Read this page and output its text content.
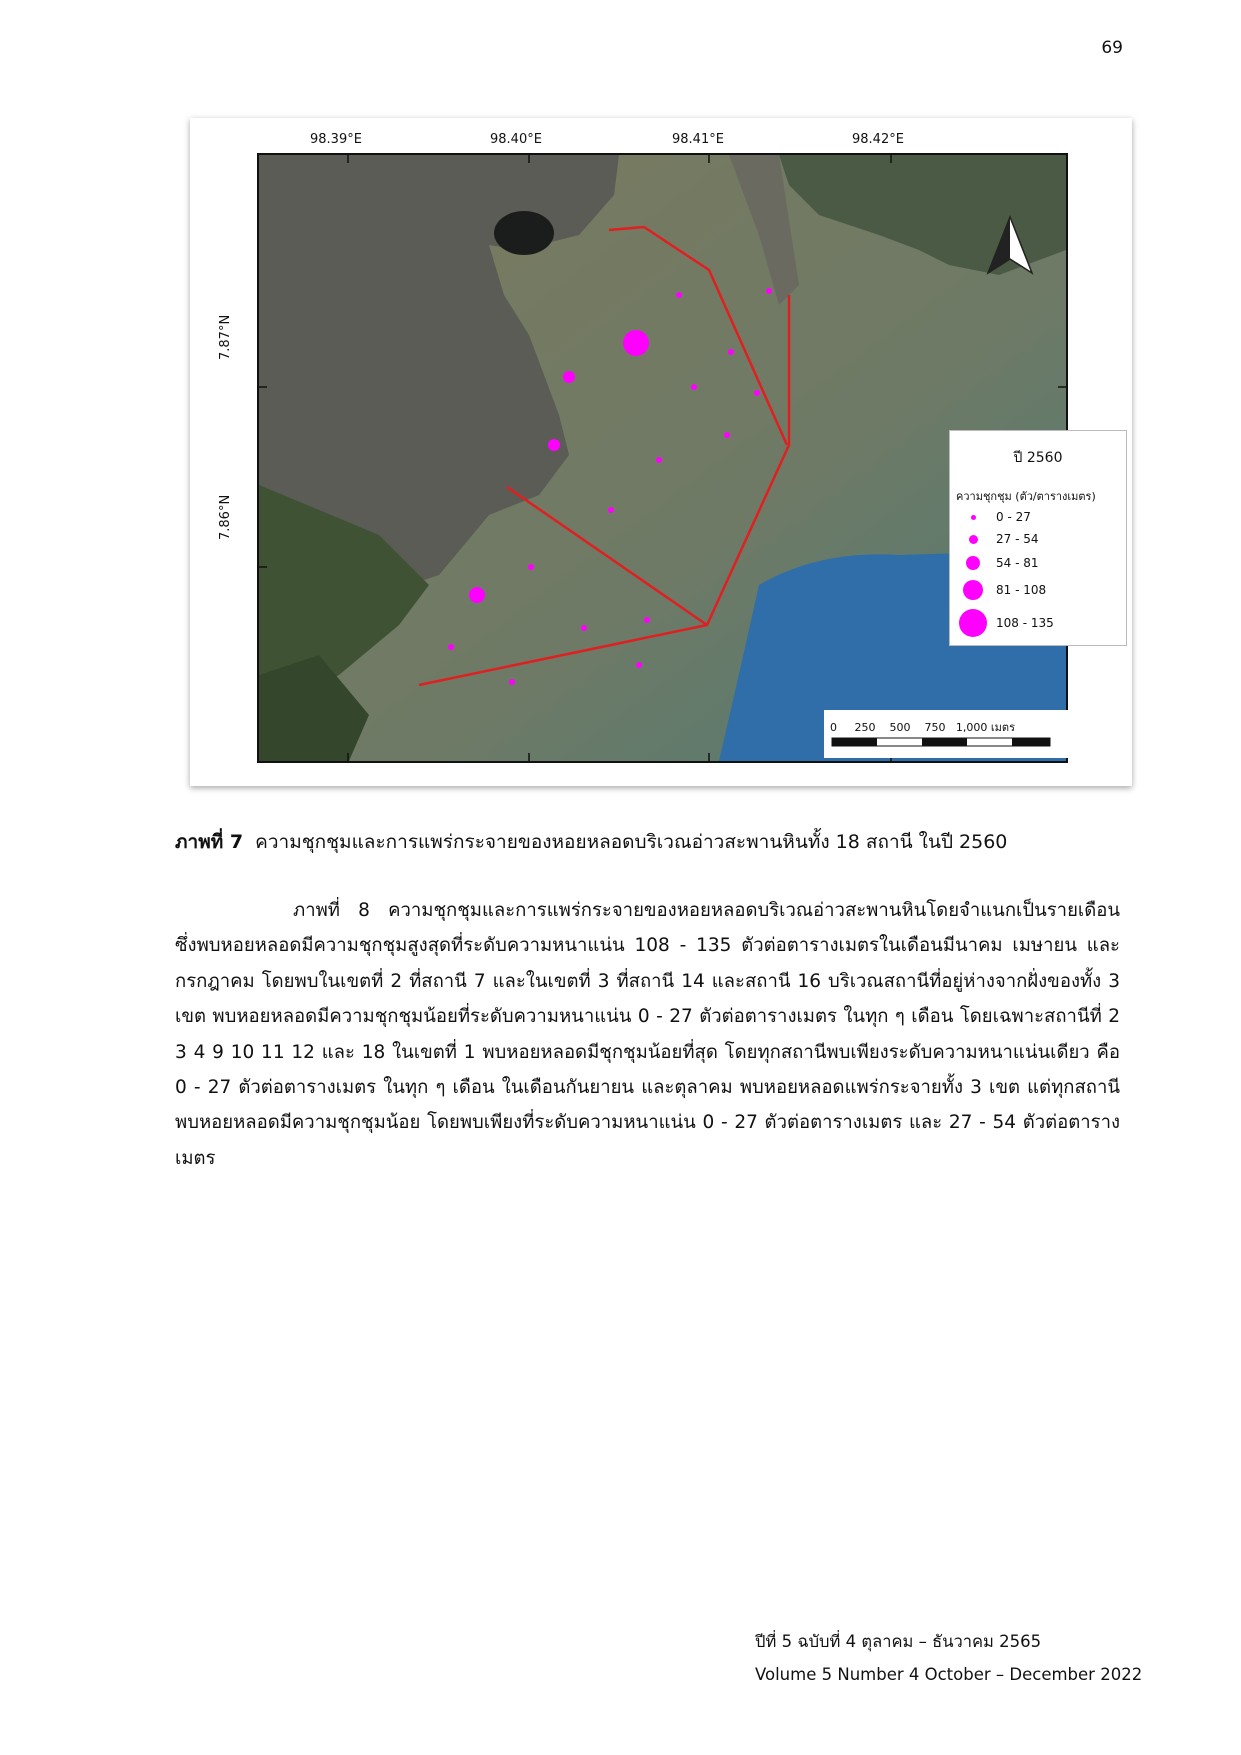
69
98.39°E	98.40°E	98.41°E	98.42°E
7.87°N
7.86°N
ปี 2560
ความชุกชุม (ตัว/ตารางเมตร)
0 - 27
27 - 54
54 - 81
81 - 108
108 - 135
0     250    500    750   1,000 เมตร
ภาพที่ 7 ความชุกชุมและการแพร่กระจายของหอยหลอดบริเวณอ่าวสะพานหินทั้ง 18 สถานี ในปี 2560

ภาพที่ 8 ความชุกชุมและการแพร่กระจายของหอยหลอดบริเวณอ่าวสะพานหินโดยจำแนกเป็นรายเดือน ซึ่งพบหอยหลอดมีความชุกชุมสูงสุดที่ระดับความหนาแน่น 108 - 135 ตัวต่อตารางเมตรในเดือนมีนาคม เมษายน และกรกฎาคม โดยพบในเขตที่ 2 ที่สถานี 7 และในเขตที่ 3 ที่สถานี 14 และสถานี 16 บริเวณสถานีที่อยู่ห่างจากฝั่งของทั้ง 3 เขต พบหอยหลอดมีความชุกชุมน้อยที่ระดับความหนาแน่น 0 - 27 ตัวต่อตารางเมตร ในทุก ๆ เดือน โดยเฉพาะสถานีที่ 2 3 4 9 10 11 12 และ 18 ในเขตที่ 1 พบหอยหลอดมีชุกชุมน้อยที่สุด โดยทุกสถานีพบเพียงระดับความหนาแน่นเดียว คือ 0 - 27 ตัวต่อตารางเมตร ในทุก ๆ เดือน ในเดือนกันยายน และตุลาคม พบหอยหลอดแพร่กระจายทั้ง 3 เขต แต่ทุกสถานีพบหอยหลอดมีความชุกชุมน้อย โดยพบเพียงที่ระดับความหนาแน่น 0 - 27 ตัวต่อตารางเมตร และ 27 - 54 ตัวต่อตารางเมตร

ปีที่ 5 ฉบับที่ 4 ตุลาคม – ธันวาคม 2565
Volume 5 Number 4 October – December 2022
